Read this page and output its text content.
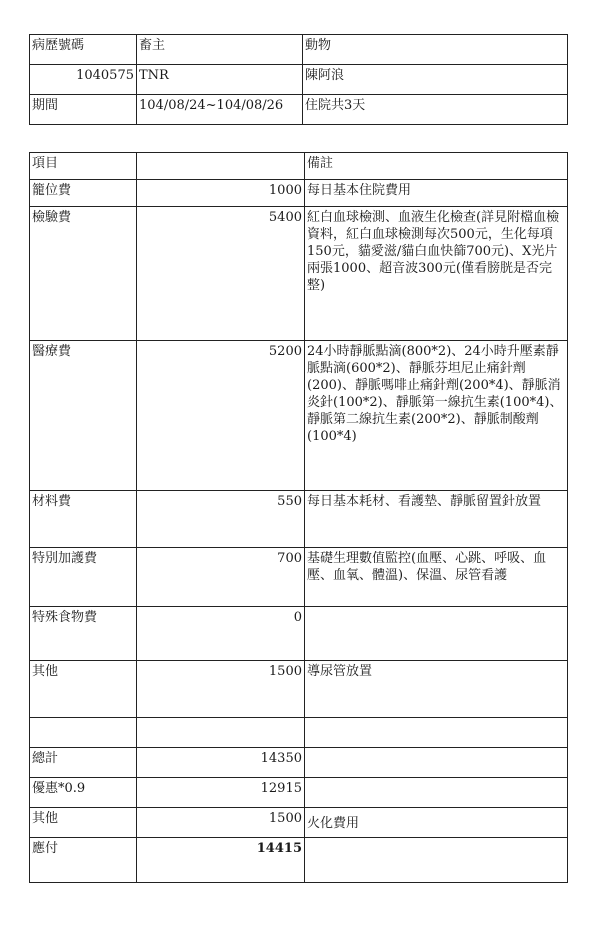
病歷號碼	畜主	動物
1040575	TNR	陳阿浪
期間	104/08/24~104/08/26	住院共3天
項目		備註
籠位費	1000	每日基本住院費用
檢驗費	5400	紅白血球檢測、血液生化檢查(詳見附檔血檢資料，紅白血球檢測每次500元，生化每項150元，貓愛滋/貓白血快篩700元)、X光片兩張1000、超音波300元(僅看膀胱是否完整)
醫療費	5200	24小時靜脈點滴(800*2)、24小時升壓素靜脈點滴(600*2)、靜脈芬坦尼止痛針劑(200)、靜脈嗎啡止痛針劑(200*4)、靜脈消炎針(100*2)、靜脈第一線抗生素(100*4)、靜脈第二線抗生素(200*2)、靜脈制酸劑(100*4)
材料費	550	每日基本耗材、看護墊、靜脈留置針放置
特別加護費	700	基礎生理數值監控(血壓、心跳、呼吸、血壓、血氧、體溫)、保溫、尿管看護
特殊食物費	0	
其他	1500	導尿管放置

總計	14350	
優惠*0.9	12915	
其他	1500	火化費用
應付	14415	
